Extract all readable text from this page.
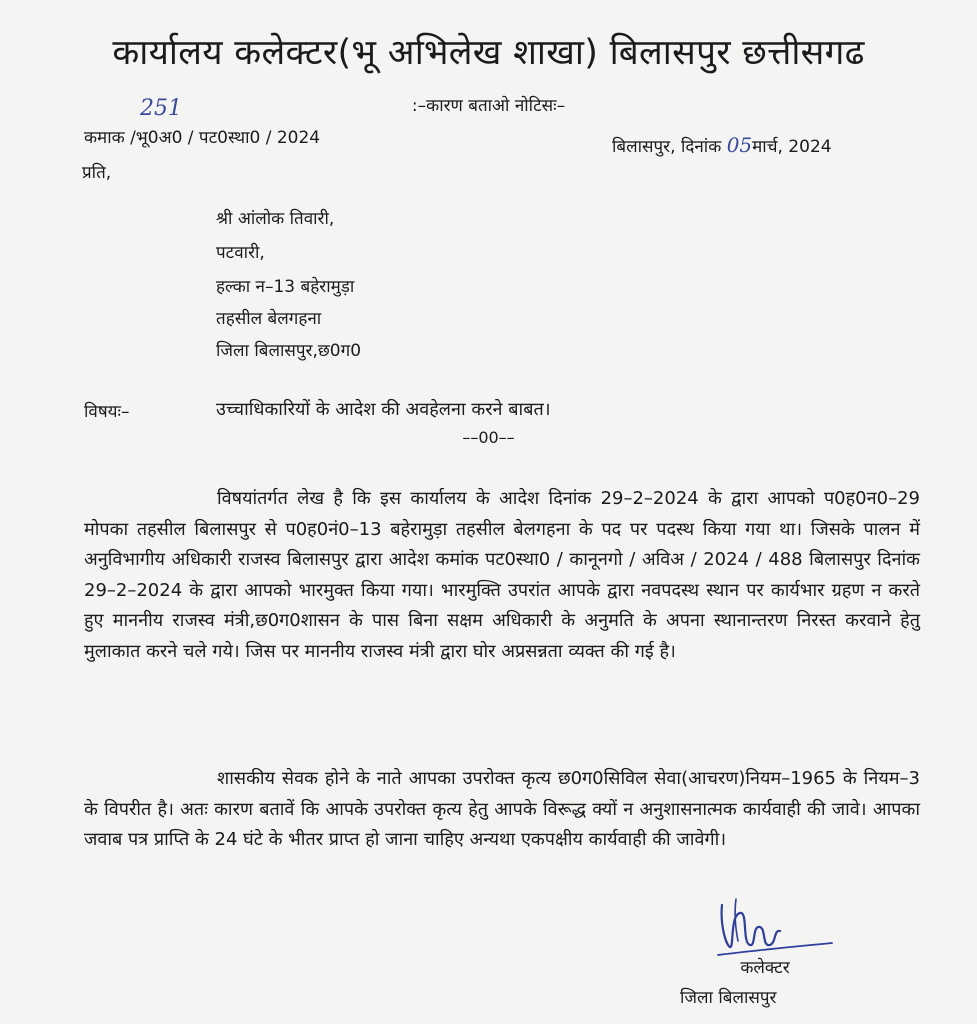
कार्यालय कलेक्टर(भू अभिलेख शाखा) बिलासपुर छत्तीसगढ
251	:–कारण बताओ नोटिसः–
कमाक /भू0अ0 / पट0स्था0 / 2024	बिलासपुर, दिनांक 05मार्च, 2024
प्रति,
श्री आंलोक तिवारी,
पटवारी,
हल्का न–13 बहेरामुड़ा
तहसील बेलगहना
जिला बिलासपुर,छ0ग0
विषयः–	उच्चाधिकारियों के आदेश की अवहेलना करने बाबत।
––00––
विषयांतर्गत लेख है कि इस कार्यालय के आदेश दिनांक 29–2–2024 के द्वारा आपको प0ह0न0–29 मोपका तहसील बिलासपुर से प0ह0नं0–13 बहेरामुड़ा तहसील बेलगहना के पद पर पदस्थ किया गया था। जिसके पालन में अनुविभागीय अधिकारी राजस्व बिलासपुर द्वारा आदेश कमांक पट0स्था0 / कानूनगो / अविअ / 2024 / 488 बिलासपुर दिनांक 29–2–2024 के द्वारा आपको भारमुक्त किया गया। भारमुक्ति उपरांत आपके द्वारा नवपदस्थ स्थान पर कार्यभार ग्रहण न करते हुए माननीय राजस्व मंत्री,छ0ग0शासन के पास बिना सक्षम अधिकारी के अनुमति के अपना स्थानान्तरण निरस्त करवाने हेतु मुलाकात करने चले गये। जिस पर माननीय राजस्व मंत्री द्वारा घोर अप्रसन्नता व्यक्त की गई है।
शासकीय सेवक होने के नाते आपका उपरोक्त कृत्य छ0ग0सिविल सेवा(आचरण)नियम–1965 के नियम–3 के विपरीत है। अतः कारण बतावें कि आपके उपरोक्त कृत्य हेतु आपके विरूद्ध क्यों न अनुशासनात्मक कार्यवाही की जावे। आपका जवाब पत्र प्राप्ति के 24 घंटे के भीतर प्राप्त हो जाना चाहिए अन्यथा एकपक्षीय कार्यवाही की जावेगी।
कलेक्टर
जिला बिलासपुर
